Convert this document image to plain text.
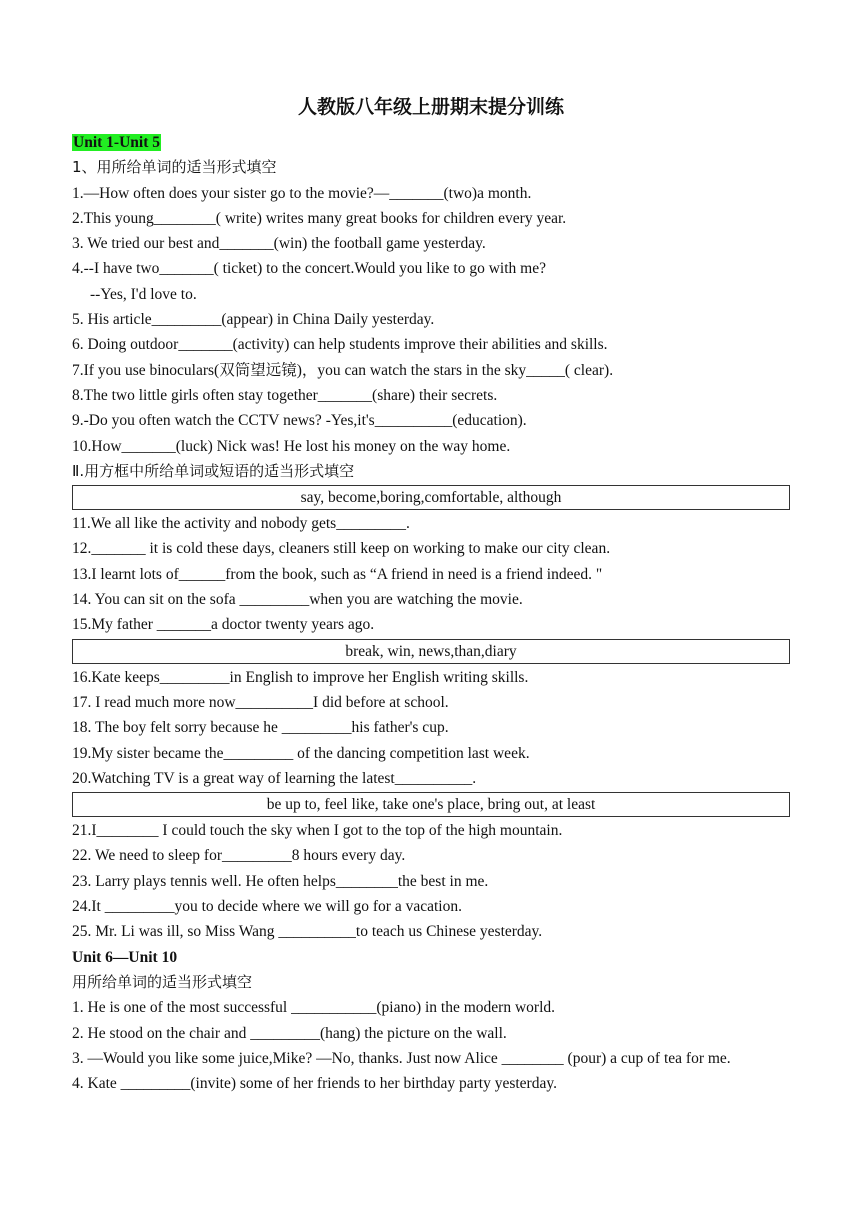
人教版八年级上册期末提分训练
Unit 1-Unit 5
1、用所给单词的适当形式填空
1.—How often does your sister go to the movie?—_______(two)a month.
2.This young________( write) writes many great books for children every year.
3. We tried our best and_______(win) the football game yesterday.
4.--I have two_______( ticket) to the concert.Would you like to go with me?
--Yes, I'd love to.
5. His article_________(appear) in China Daily yesterday.
6. Doing outdoor_______(activity) can help students improve their abilities and skills.
7.If you use binoculars(双筒望远镜)，you can watch the stars in the sky_____( clear).
8.The two little girls often stay together_______(share) their secrets.
9.-Do you often watch the CCTV news? -Yes,it's__________(education).
10.How_______(luck) Nick was! He lost his money on the way home.
Ⅱ.用方框中所给单词或短语的适当形式填空
say, become,boring,comfortable, although
11.We all like the activity and nobody gets_________.
12._______ it is cold these days, cleaners still keep on working to make our city clean.
13.I learnt lots of______from the book, such as “A friend in need is a friend indeed. "
14. You can sit on the sofa _________when you are watching the movie.
15.My father _______a doctor twenty years ago.
break, win, news,than,diary
16.Kate keeps_________in English to improve her English writing skills.
17. I read much more now__________I did before at school.
18. The boy felt sorry because he _________his father's cup.
19.My sister became the_________ of the dancing competition last week.
20.Watching TV is a great way of learning the latest__________.
be up to, feel like, take one's place, bring out, at least
21.I________ I could touch the sky when I got to the top of the high mountain.
22. We need to sleep for_________8 hours every day.
23. Larry plays tennis well. He often helps________the best in me.
24.It _________you to decide where we will go for a vacation.
25. Mr. Li was ill, so Miss Wang __________to teach us Chinese yesterday.
Unit 6—Unit 10
用所给单词的适当形式填空
1. He is one of the most successful ___________(piano) in the modern world.
2. He stood on the chair and _________(hang) the picture on the wall.
3. —Would you like some juice,Mike? —No, thanks. Just now Alice ________ (pour) a cup of tea for me.
4. Kate _________(invite) some of her friends to her birthday party yesterday.
